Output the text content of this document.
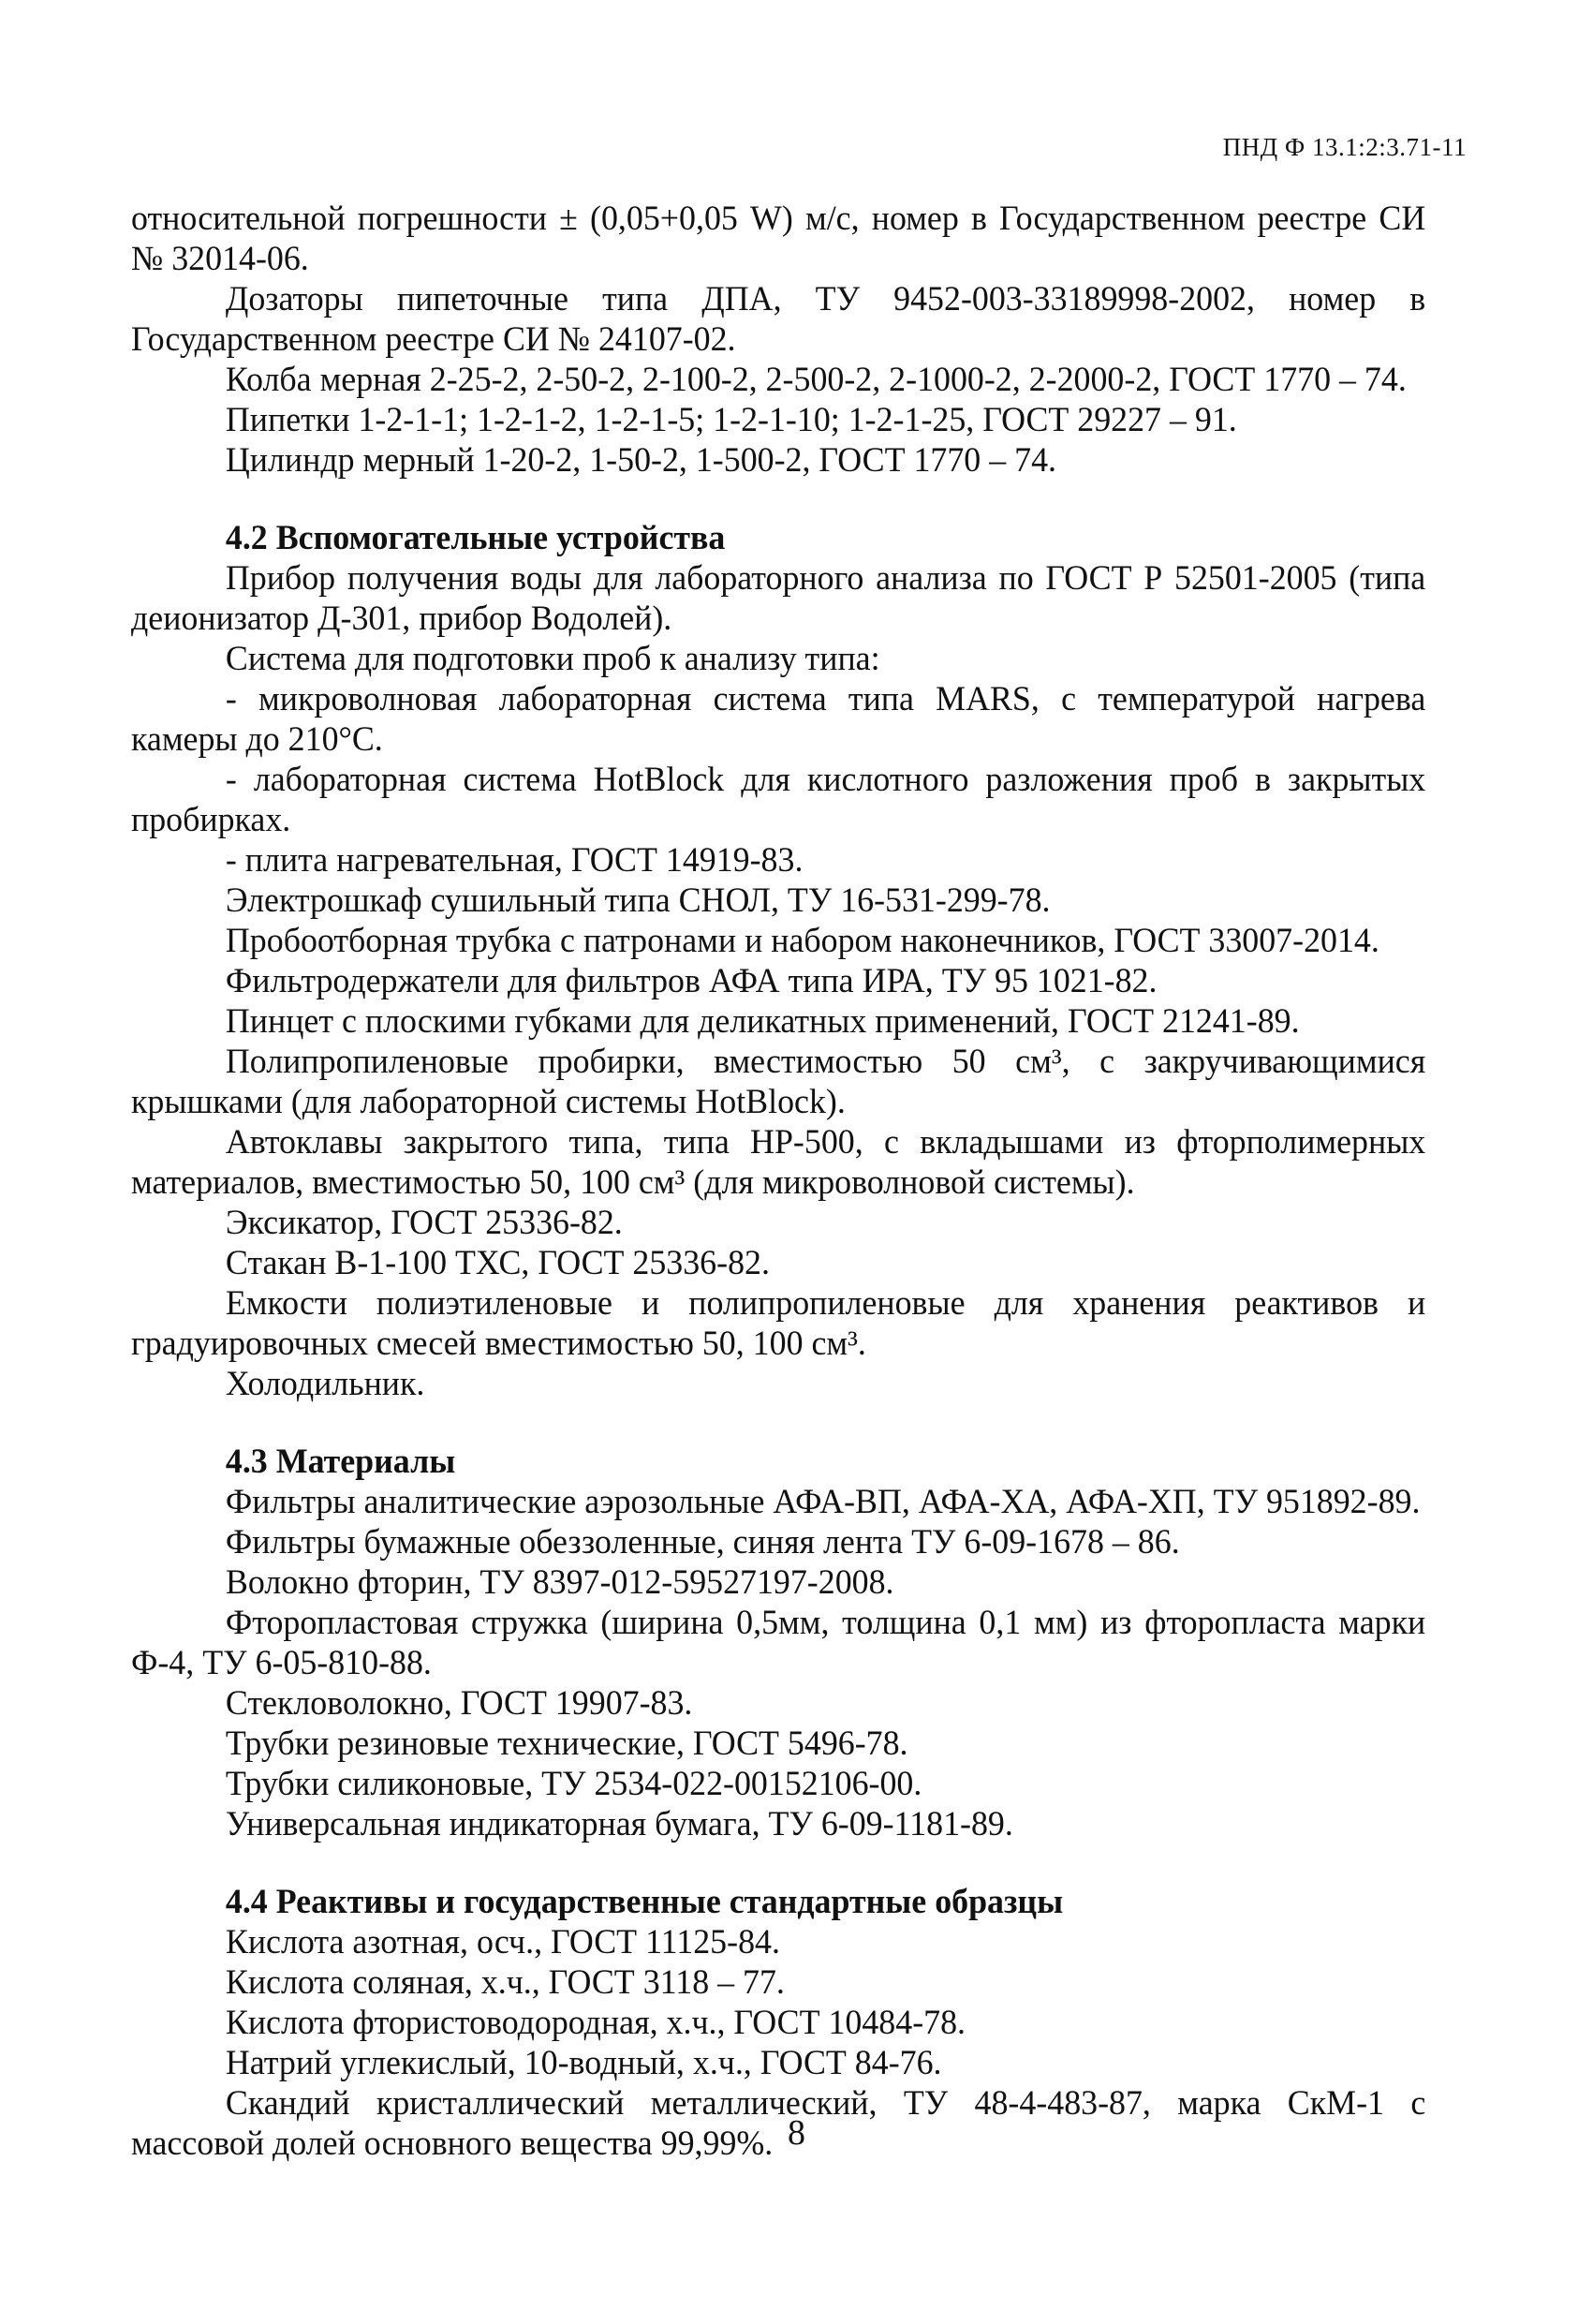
ПНД Ф 13.1:2:3.71-11

относительной погрешности ± (0,05+0,05 W) м/с, номер в Государственном реестре СИ № 32014-06.

Дозаторы пипеточные типа ДПА, ТУ 9452-003-33189998-2002, номер в Государственном реестре СИ № 24107-02.

Колба мерная 2-25-2, 2-50-2, 2-100-2, 2-500-2, 2-1000-2, 2-2000-2, ГОСТ 1770 – 74.

Пипетки 1-2-1-1; 1-2-1-2, 1-2-1-5; 1-2-1-10; 1-2-1-25, ГОСТ 29227 – 91.

Цилиндр мерный 1-20-2, 1-50-2, 1-500-2, ГОСТ 1770 – 74.

4.2 Вспомогательные устройства

Прибор получения воды для лабораторного анализа по ГОСТ Р 52501-2005 (типа деионизатор Д-301, прибор Водолей).

Система для подготовки проб к анализу типа:

- микроволновая лабораторная система типа MARS, с температурой нагрева камеры до 210°С.

- лабораторная система HotBlock для кислотного разложения проб в закрытых пробирках.

- плита нагревательная, ГОСТ 14919-83.

Электрошкаф сушильный типа СНОЛ, ТУ 16-531-299-78.

Пробоотборная трубка с патронами и набором наконечников, ГОСТ 33007-2014.

Фильтродержатели для фильтров АФА типа ИРА, ТУ 95 1021-82.

Пинцет с плоскими губками для деликатных применений, ГОСТ 21241-89.

Полипропиленовые пробирки, вместимостью 50 см³, с закручивающимися крышками (для лабораторной системы HotBlock).

Автоклавы закрытого типа, типа HP-500, с вкладышами из фторполимерных материалов, вместимостью 50, 100 см³ (для микроволновой системы).

Эксикатор, ГОСТ 25336-82.

Стакан В-1-100 ТХС, ГОСТ 25336-82.

Емкости полиэтиленовые и полипропиленовые для хранения реактивов и градуировочных смесей вместимостью 50, 100 см³.

Холодильник.

4.3 Материалы

Фильтры аналитические аэрозольные АФА-ВП, АФА-ХА, АФА-ХП, ТУ 951892-89.

Фильтры бумажные обеззоленные, синяя лента ТУ 6-09-1678 – 86.

Волокно фторин, ТУ 8397-012-59527197-2008.

Фторопластовая стружка (ширина 0,5мм, толщина 0,1 мм) из фторопласта марки Ф-4, ТУ 6-05-810-88.

Стекловолокно, ГОСТ 19907-83.

Трубки резиновые технические, ГОСТ 5496-78.

Трубки силиконовые, ТУ 2534-022-00152106-00.

Универсальная индикаторная бумага, ТУ 6-09-1181-89.

4.4 Реактивы и государственные стандартные образцы

Кислота азотная, осч., ГОСТ 11125-84.

Кислота соляная, х.ч., ГОСТ 3118 – 77.

Кислота фтористоводородная, х.ч., ГОСТ 10484-78.

Натрий углекислый, 10-водный, х.ч., ГОСТ 84-76.

Скандий кристаллический металлический, ТУ 48-4-483-87, марка СкМ-1 с массовой долей основного вещества 99,99%. 8
